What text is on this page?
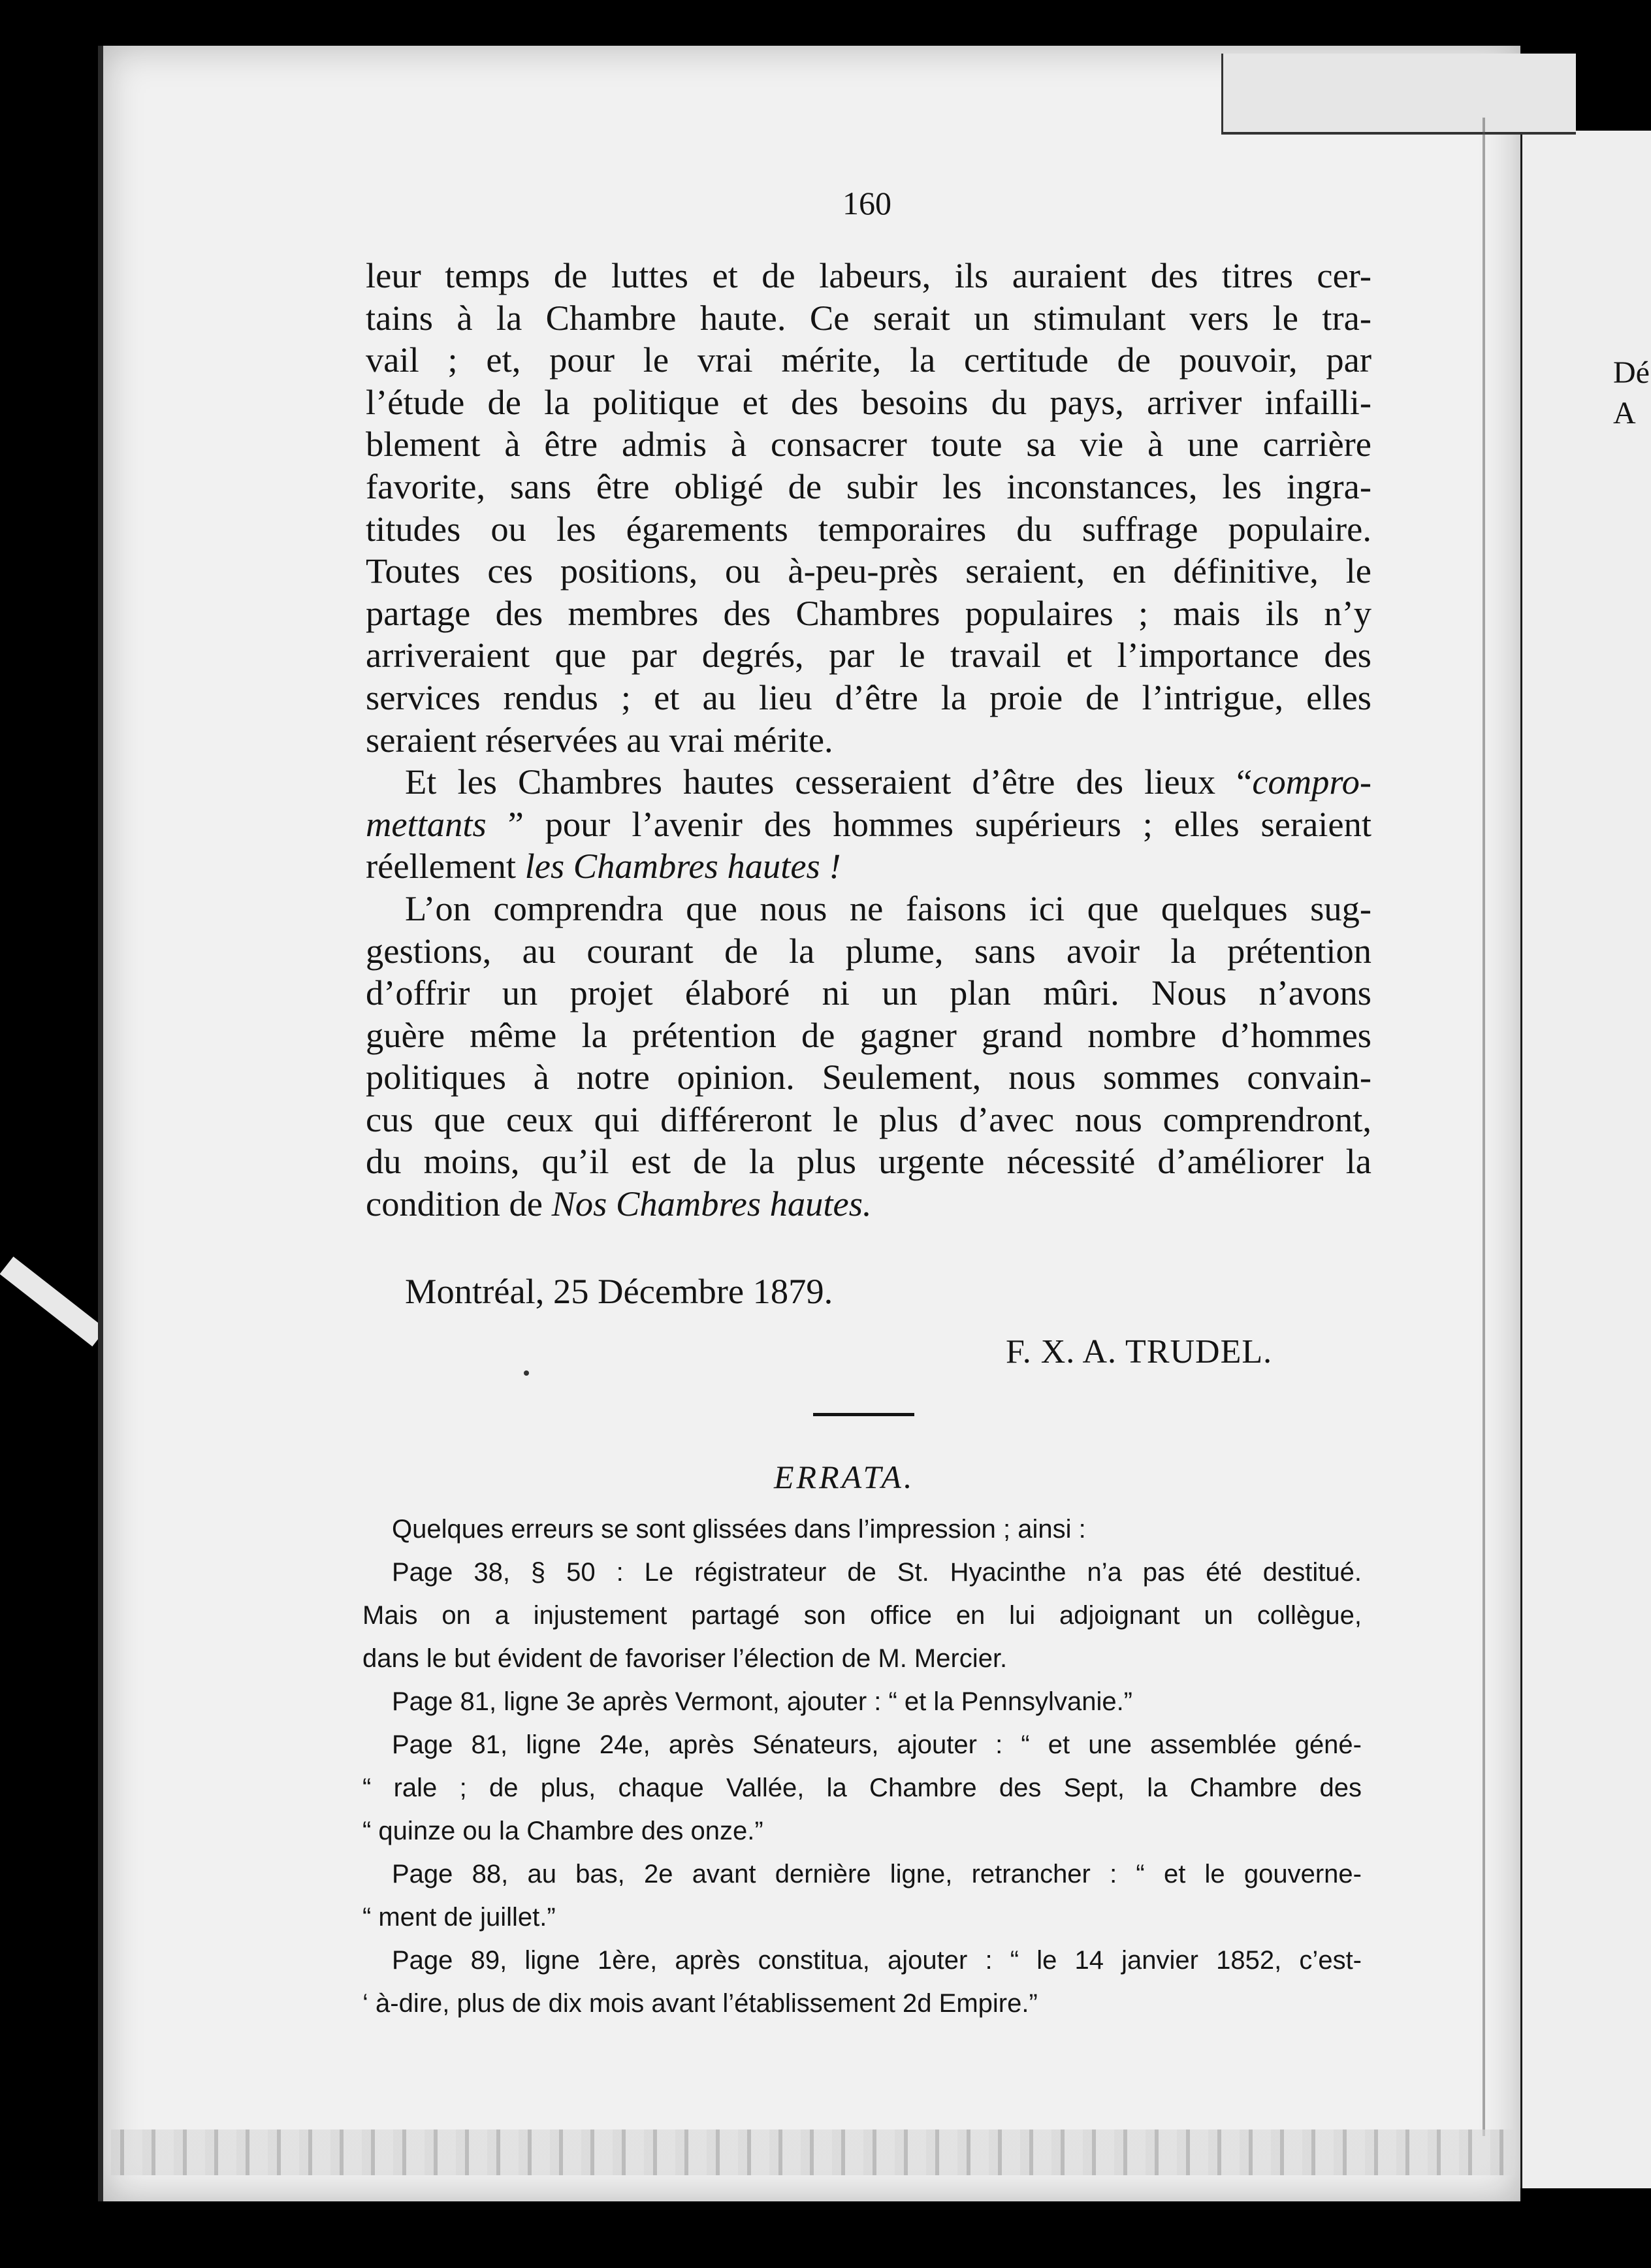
Dé
A
160

leur temps de luttes et de labeurs, ils auraient des titres cer-
tains à la Chambre haute. Ce serait un stimulant vers le tra-
vail ; et, pour le vrai mérite, la certitude de pouvoir, par
l’étude de la politique et des besoins du pays, arriver infailli-
blement à être admis à consacrer toute sa vie à une carrière
favorite, sans être obligé de subir les inconstances, les ingra-
titudes ou les égarements temporaires du suffrage populaire.
Toutes ces positions, ou à-peu-près seraient, en définitive, le
partage des membres des Chambres populaires ; mais ils n’y
arriveraient que par degrés, par le travail et l’importance des
services rendus ; et au lieu d’être la proie de l’intrigue, elles
seraient réservées au vrai mérite.

Et les Chambres hautes cesseraient d’être des lieux “compro-
mettants ” pour l’avenir des hommes supérieurs ; elles seraient
réellement les Chambres hautes !

L’on comprendra que nous ne faisons ici que quelques sug-
gestions, au courant de la plume, sans avoir la prétention
d’offrir un projet élaboré ni un plan mûri. Nous n’avons
guère même la prétention de gagner grand nombre d’hommes
politiques à notre opinion. Seulement, nous sommes convain-
cus que ceux qui différeront le plus d’avec nous comprendront,
du moins, qu’il est de la plus urgente nécessité d’améliorer la
condition de Nos Chambres hautes.

Montréal, 25 Décembre 1879.
F. X. A. TRUDEL.
ERRATA.
Quelques erreurs se sont glissées dans l’impression ; ainsi :
Page 38, § 50 : Le régistrateur de St. Hyacinthe n’a pas été destitué.
Mais on a injustement partagé son office en lui adjoignant un collègue,
dans le but évident de favoriser l’élection de M. Mercier.
Page 81, ligne 3e après Vermont, ajouter : “ et la Pennsylvanie.”
Page 81, ligne 24e, après Sénateurs, ajouter : “ et une assemblée géné-
“ rale ; de plus, chaque Vallée, la Chambre des Sept, la Chambre des
“ quinze ou la Chambre des onze.”
Page 88, au bas, 2e avant dernière ligne, retrancher : “ et le gouverne-
“ ment de juillet.”
Page 89, ligne 1ère, après constitua, ajouter : “ le 14 janvier 1852, c’est-
‘ à-dire, plus de dix mois avant l’établissement 2d Empire.”
